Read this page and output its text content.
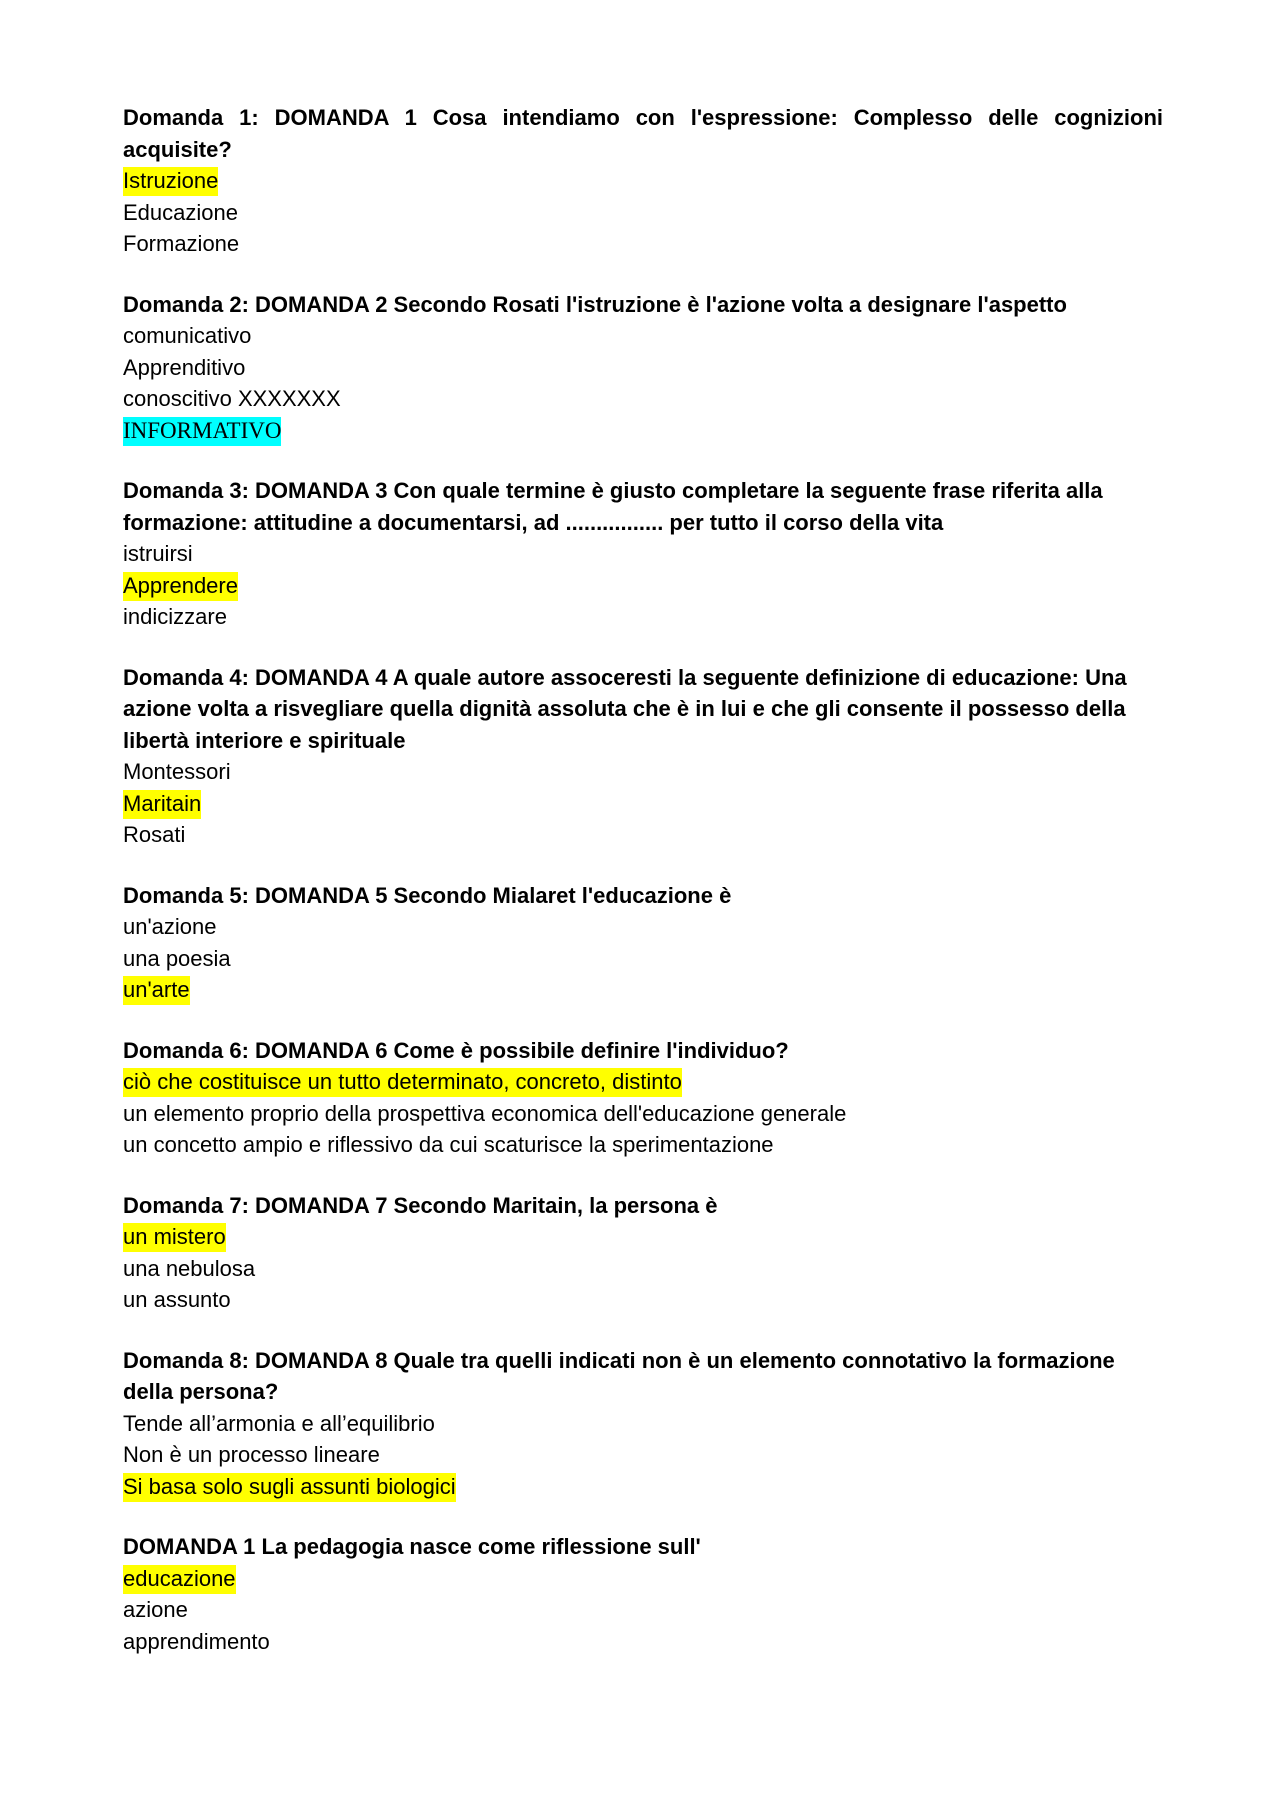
Domanda 1: DOMANDA 1 Cosa intendiamo con l'espressione: Complesso delle cognizioni acquisite?

Istruzione

Educazione

Formazione

Domanda 2: DOMANDA 2 Secondo Rosati l'istruzione è l'azione volta a designare l'aspetto

comunicativo

Apprenditivo

conoscitivo XXXXXXX

INFORMATIVO

Domanda 3: DOMANDA 3 Con quale termine è giusto completare la seguente frase riferita alla formazione: attitudine a documentarsi, ad ................ per tutto il corso della vita

istruirsi

Apprendere

indicizzare

Domanda 4: DOMANDA 4 A quale autore assoceresti la seguente definizione di educazione: Una azione volta a risvegliare quella dignità assoluta che è in lui e che gli consente il possesso della libertà interiore e spirituale

Montessori

Maritain

Rosati

Domanda 5: DOMANDA 5 Secondo Mialaret l'educazione è

un'azione

una poesia

un'arte

Domanda 6: DOMANDA 6 Come è possibile definire l'individuo?

ciò che costituisce un tutto determinato, concreto, distinto

un elemento proprio della prospettiva economica dell'educazione generale

un concetto ampio e riflessivo da cui scaturisce la sperimentazione

Domanda 7: DOMANDA 7 Secondo Maritain, la persona è

un mistero

una nebulosa

un assunto

Domanda 8: DOMANDA 8 Quale tra quelli indicati non è un elemento connotativo la formazione della persona?

Tende all’armonia e all’equilibrio

Non è un processo lineare

Si basa solo sugli assunti biologici

DOMANDA 1 La pedagogia nasce come riflessione sull'

educazione

azione

apprendimento
